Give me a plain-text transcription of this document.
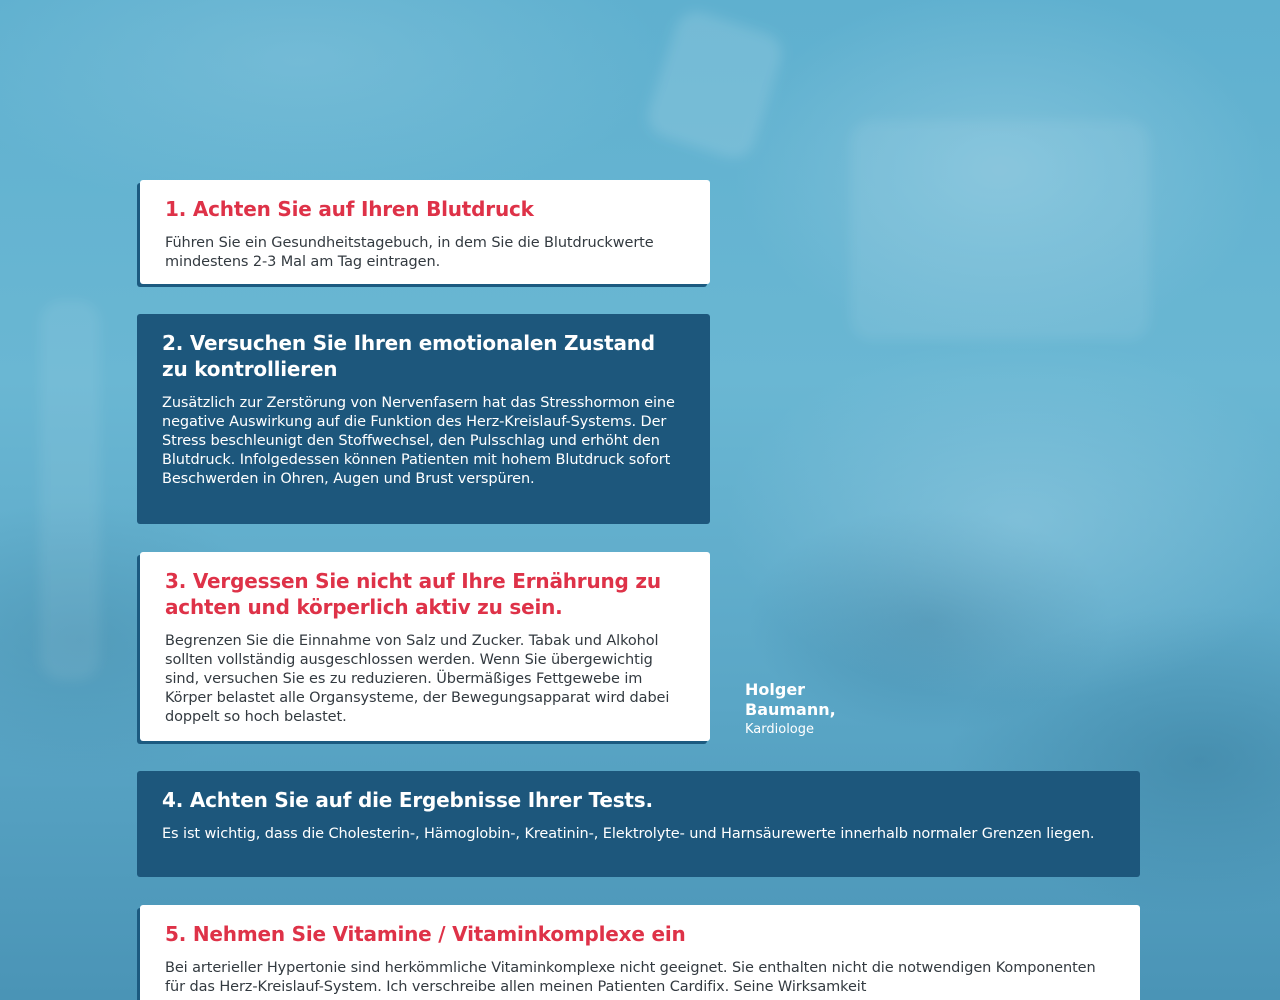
1. Achten Sie auf Ihren Blutdruck

Führen Sie ein Gesundheitstagebuch, in dem Sie die Blutdruckwerte mindestens 2-3 Mal am Tag eintragen.

2. Versuchen Sie Ihren emotionalen Zustand zu kontrollieren

Zusätzlich zur Zerstörung von Nervenfasern hat das Stresshormon eine negative Auswirkung auf die Funktion des Herz-Kreislauf-Systems. Der Stress beschleunigt den Stoffwechsel, den Pulsschlag und erhöht den Blutdruck. Infolgedessen können Patienten mit hohem Blutdruck sofort Beschwerden in Ohren, Augen und Brust verspüren.

3. Vergessen Sie nicht auf Ihre Ernährung zu achten und körperlich aktiv zu sein.

Begrenzen Sie die Einnahme von Salz und Zucker. Tabak und Alkohol sollten vollständig ausgeschlossen werden. Wenn Sie übergewichtig sind, versuchen Sie es zu reduzieren. Übermäßiges Fettgewebe im Körper belastet alle Organsysteme, der Bewegungsapparat wird dabei doppelt so hoch belastet.

Holger Baumann,
Kardiologe
4. Achten Sie auf die Ergebnisse Ihrer Tests.

Es ist wichtig, dass die Cholesterin-, Hämoglobin-, Kreatinin-, Elektrolyte- und Harnsäurewerte innerhalb normaler Grenzen liegen.

5. Nehmen Sie Vitamine / Vitaminkomplexe ein

Bei arterieller Hypertonie sind herkömmliche Vitaminkomplexe nicht geeignet. Sie enthalten nicht die notwendigen Komponenten für das Herz-Kreislauf-System. Ich verschreibe allen meinen Patienten Cardifix. Seine Wirksamkeit
